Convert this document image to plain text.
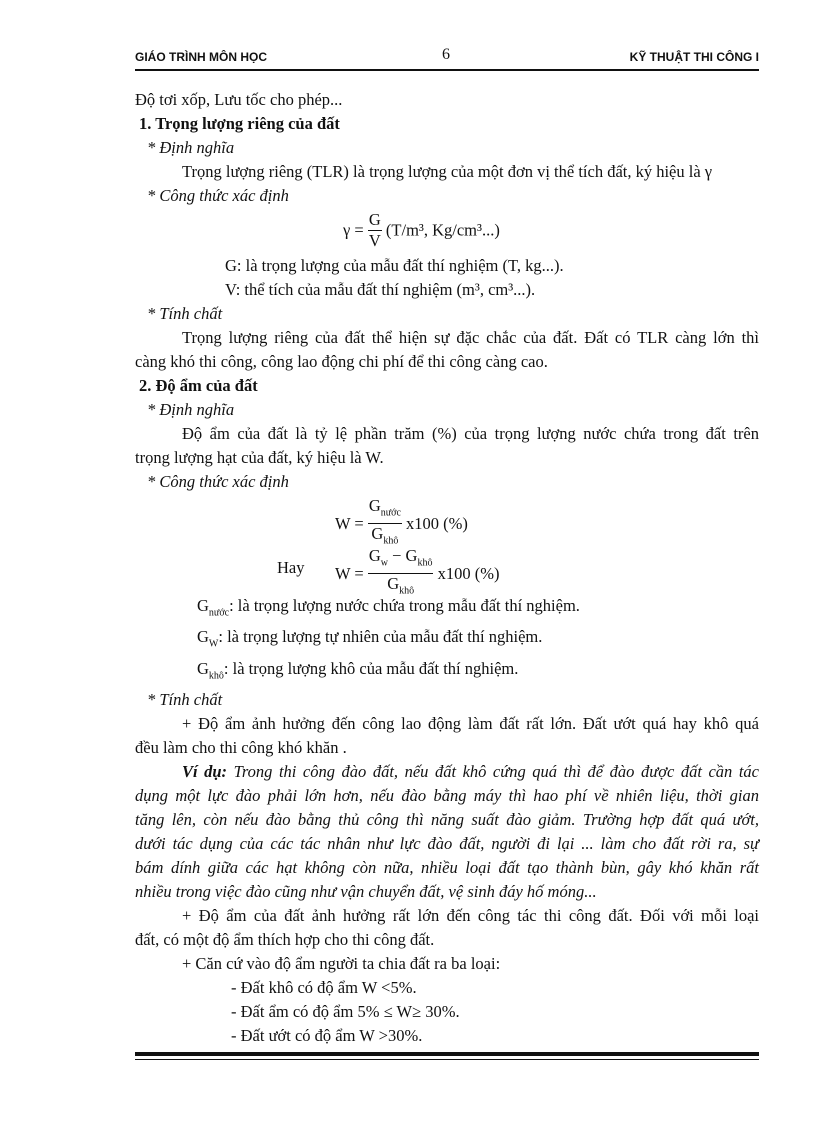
GIÁO TRÌNH MÔN HỌC	6	KỸ THUẬT THI CÔNG I
Độ tơi xốp, Lưu tốc cho phép...
1. Trọng lượng riêng của đất
* Định nghĩa
Trọng lượng riêng (TLR) là trọng lượng của một đơn vị thể tích đất, ký hiệu là γ
* Công thức xác định
$\gamma = \frac{G}{V} (T/m^3$, Kg/cm³...)
G: là trọng lượng của mẫu đất thí nghiệm (T, kg...).
V: thể tích của mẫu đất thí nghiệm (m³, cm³...).
* Tính chất
Trọng lượng riêng của đất thể hiện sự đặc chắc của đất. Đất có TLR càng lớn thì
càng khó thi công, công lao động chi phí để thi công càng cao.
2. Độ ẩm của đất
* Định nghĩa
Độ ẩm của đất là tỷ lệ phần trăm (%) của trọng lượng nước chứa trong đất trên
trọng lượng hạt của đất, ký hiệu là W.
* Công thức xác định
$W = \frac{G_{nước}}{G_{khô}} x100$ (%)
Hay $W = \frac{G_w - G_{khô}}{G_{khô}} x100$ (%)
$G_{nước}$: là trọng lượng nước chứa trong mẫu đất thí nghiệm.
$G_W$: là trọng lượng tự nhiên của mẫu đất thí nghiệm.
$G_{khô}$: là trọng lượng khô của mẫu đất thí nghiệm.
* Tính chất
+ Độ ẩm ảnh hưởng đến công lao động làm đất rất lớn. Đất ướt quá hay khô quá
đều làm cho thi công khó khăn .
Ví dụ: Trong thi công đào đất, nếu đất khô cứng quá thì để đào được đất cần tác
dụng một lực đào phải lớn hơn, nếu đào bằng máy thì hao phí về nhiên liệu, thời gian
tăng lên, còn nếu đào bằng thủ công thì năng suất đào giảm. Trường hợp đất quá ướt,
dưới tác dụng của các tác nhân như lực đào đất, người đi lại ... làm cho đất rời ra, sự
bám dính giữa các hạt không còn nữa, nhiều loại đất tạo thành bùn, gây khó khăn rất
nhiều trong việc đào cũng như vận chuyển đất, vệ sinh đáy hố móng...
+ Độ ẩm của đất ảnh hưởng rất lớn đến công tác thi công đất. Đối với mỗi loại
đất, có một độ ẩm thích hợp cho thi công đất.
+ Căn cứ vào độ ẩm người ta chia đất ra ba loại:
- Đất khô có độ ẩm W <5%.
- Đất ẩm có độ ẩm 5% ≤ W≥ 30%.
- Đất ướt có độ ẩm W >30%.
